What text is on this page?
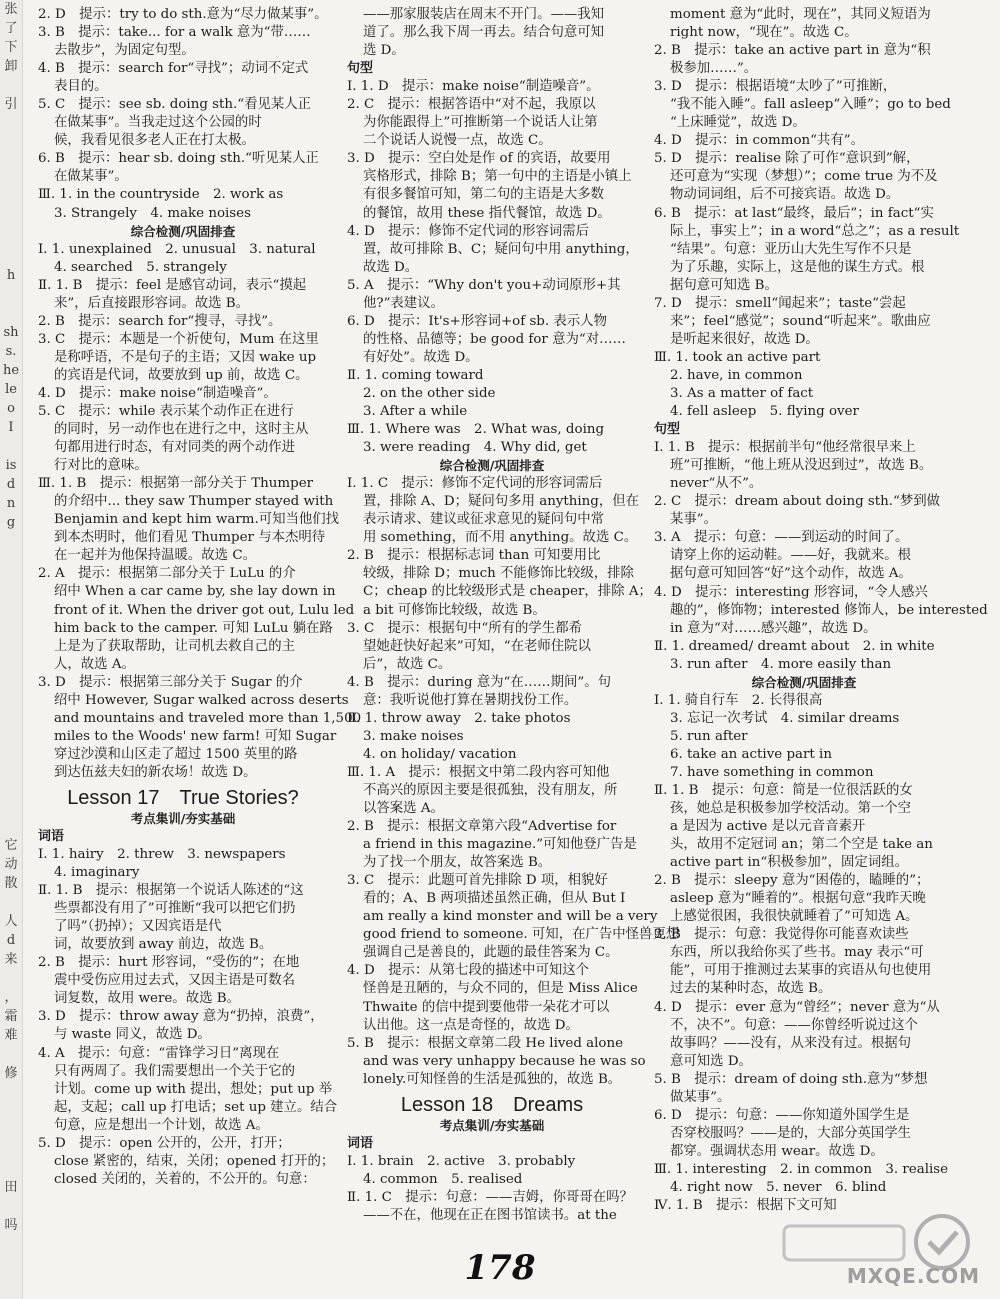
张
了
下
卸

引

h

sh
s.
he
le
o
I

is
d
n
g

它动
散

人
d
来

，
霜
难

修

田

吗
2. D　提示：try to do sth.意为“尽力做某事”。
3. B　提示：take... for a walk 意为“带……
去散步”，为固定句型。
4. B　提示：search for“寻找”；动词不定式
表目的。
5. C　提示：see sb. doing sth.“看见某人正
在做某事”。当我走过这个公园的时
候，我看见很多老人正在打太极。
6. B　提示：hear sb. doing sth.“听见某人正
在做某事”。
Ⅲ. 1. in the countryside　2. work as
3. Strangely　4. make noises
综合检测/巩固排查
Ⅰ. 1. unexplained　2. unusual　3. natural
4. searched　5. strangely
Ⅱ. 1. B　提示：feel 是感官动词，表示“摸起
来”，后直接跟形容词。故选 B。
2. B　提示：search for“搜寻，寻找”。
3. C　提示：本题是一个祈使句，Mum 在这里
是称呼语，不是句子的主语；又因 wake up
的宾语是代词，故要放到 up 前，故选 C。
4. D　提示：make noise“制造噪音”。
5. C　提示：while 表示某个动作正在进行
的同时，另一动作也在进行之中，这时主从
句都用进行时态，有对同类的两个动作进
行对比的意味。
Ⅲ. 1. B　提示：根据第一部分关于 Thumper
的介绍中... they saw Thumper stayed with
Benjamin and kept him warm.可知当他们找
到本杰明时，他们看见 Thumper 与本杰明待
在一起并为他保持温暖。故选 C。
2. A　提示：根据第二部分关于 LuLu 的介
绍中 When a car came by, she lay down in
front of it. When the driver got out, Lulu led
him back to the camper. 可知 LuLu 躺在路
上是为了获取帮助，让司机去救自己的主
人，故选 A。
3. D　提示：根据第三部分关于 Sugar 的介
绍中 However, Sugar walked across deserts
and mountains and traveled more than 1,500
miles to the Woods' new farm! 可知 Sugar
穿过沙漠和山区走了超过 1500 英里的路
到达伍兹夫妇的新农场！故选 D。
Lesson 17　True Stories?
考点集训/夯实基础
词语
Ⅰ. 1. hairy　2. threw　3. newspapers
4. imaginary
Ⅱ. 1. B　提示：根据第一个说话人陈述的“这
些票都没有用了”可推断“我可以把它们扔
了吗”（扔掉）；又因宾语是代
词，故要放到 away 前边，故选 B。
2. B　提示：hurt 形容词，“受伤的”；在地
震中受伤应用过去式，又因主语是可数名
词复数，故用 were。故选 B。
3. D　提示：throw away 意为“扔掉，浪费”，
与 waste 同义，故选 D。
4. A　提示：句意：“雷锋学习日”离现在
只有两周了。我们需要想出一个关于它的
计划。come up with 提出，想处；put up 举
起，支起；call up 打电话；set up 建立。结合
句意，应是想出一个计划，故选 A。
5. D　提示：open 公开的，公开，打开；
close 紧密的，结束，关闭；opened 打开的；
closed 关闭的，关着的，不公开的。句意：
——那家服装店在周末不开门。——我知
道了。那么我下周一再去。结合句意可知
选 D。
句型
Ⅰ. 1. D　提示：make noise“制造噪音”。
2. C　提示：根据答语中“对不起，我原以
为你能跟得上”可推断第一个说话人让第
二个说话人说慢一点，故选 C。
3. D　提示：空白处是作 of 的宾语，故要用
宾格形式，排除 B；第一句中的主语是小镇上
有很多餐馆可知，第二句的主语是大多数
的餐馆，故用 these 指代餐馆，故选 D。
4. D　提示：修饰不定代词的形容词需后
置，故可排除 B、C；疑问句中用 anything，
故选 D。
5. A　提示：“Why don't you+动词原形+其
他?”表建议。
6. D　提示：It's+形容词+of sb. 表示人物
的性格、品德等；be good for 意为“对……
有好处”。故选 D。
Ⅱ. 1. coming toward
2. on the other side
3. After a while
Ⅲ. 1. Where was　2. What was, doing
3. were reading　4. Why did, get
综合检测/巩固排查
Ⅰ. 1. C　提示：修饰不定代词的形容词需后
置，排除 A、D；疑问句多用 anything，但在
表示请求、建议或征求意见的疑问句中常
用 something，而不用 anything。故选 C。
2. B　提示：根据标志词 than 可知要用比
较级，排除 D；much 不能修饰比较级，排除
C；cheap 的比较级形式是 cheaper，排除 A；
a bit 可修饰比较级，故选 B。
3. C　提示：根据句中“所有的学生都希
望她赶快好起来”可知，“在老师住院以
后”，故选 C。
4. B　提示：during 意为“在……期间”。句
意：我听说他打算在暑期找份工作。
Ⅱ. 1. throw away　2. take photos
3. make noises
4. on holiday/ vacation
Ⅲ. 1. A　提示：根据文中第二段内容可知他
不高兴的原因主要是很孤独，没有朋友，所
以答案选 A。
2. B　提示：根据文章第六段“Advertise for
a friend in this magazine.”可知他登广告是
为了找一个朋友，故答案选 B。
3. C　提示：此题可首先排除 D 项，相貌好
看的；A、B 两项描述虽然正确，但从 But I
am really a kind monster and will be a very
good friend to someone. 可知，在广告中怪兽更想
强调自己是善良的，此题的最佳答案为 C。
4. D　提示：从第七段的描述中可知这个
怪兽是丑陋的，与众不同的，但是 Miss Alice
Thwaite 的信中提到要他带一朵花才可以
认出他。这一点是奇怪的，故选 D。
5. B　提示：根据文章第二段 He lived alone
and was very unhappy because he was so
lonely.可知怪兽的生活是孤独的，故选 B。
Lesson 18　Dreams
考点集训/夯实基础
词语
Ⅰ. 1. brain　2. active　3. probably
4. common　5. realised
Ⅱ. 1. C　提示：句意：——吉姆，你哥哥在吗？
——不在，他现在正在图书馆读书。at the
moment 意为“此时，现在”，其同义短语为
right now，“现在”。故选 C。
2. B　提示：take an active part in 意为“积
极参加……”。
3. D　提示：根据语境“太吵了”可推断，
“我不能入睡”。fall asleep“入睡”；go to bed
“上床睡觉”，故选 D。
4. D　提示：in common“共有”。
5. D　提示：realise 除了可作“意识到”解，
还可意为“实现（梦想）”；come true 为不及
物动词词组，后不可接宾语。故选 D。
6. B　提示：at last“最终，最后”；in fact“实
际上，事实上”；in a word“总之”；as a result
“结果”。句意：亚历山大先生写作不只是
为了乐趣，实际上，这是他的谋生方式。根
据句意可知选 B。
7. D　提示：smell“闻起来”；taste“尝起
来”；feel“感觉”；sound“听起来”。歌曲应
是听起来很好，故选 D。
Ⅲ. 1. took an active part
2. have, in common
3. As a matter of fact
4. fell asleep　5. flying over
句型
Ⅰ. 1. B　提示：根据前半句“他经常很早来上
班”可推断，“他上班从没迟到过”，故选 B。
never“从不”。
2. C　提示：dream about doing sth.“梦到做
某事”。
3. A　提示：句意：——到运动的时间了。
请穿上你的运动鞋。——好，我就来。根
据句意可知回答“好”这个动作，故选 A。
4. D　提示：interesting 形容词，“令人感兴
趣的”，修饰物；interested 修饰人，be interested
in 意为“对……感兴趣”，故选 D。
Ⅱ. 1. dreamed/ dreamt about　2. in white
3. run after　4. more easily than
综合检测/巩固排查
Ⅰ. 1. 骑自行车　2. 长得很高
3. 忘记一次考试　4. similar dreams
5. run after
6. take an active part in
7. have something in common
Ⅱ. 1. B　提示：句意：简是一位很活跃的女
孩，她总是积极参加学校活动。第一个空
a 是因为 active 是以元音音素开
头，故用不定冠词 an；第二个空是 take an
active part in“积极参加”，固定词组。
2. B　提示：sleepy 意为“困倦的，瞌睡的”；
asleep 意为“睡着的”。根据句意“我昨天晚
上感觉很困，我很快就睡着了”可知选 A。
3. B　提示：句意：我觉得你可能喜欢读些
东西，所以我给你买了些书。may 表示“可
能”，可用于推测过去某事的宾语从句也使用
过去的某种时态，故选 B。
4. D　提示：ever 意为“曾经”；never 意为“从
不，决不”。句意：——你曾经听说过这个
故事吗？——没有，从来没有过。根据句
意可知选 D。
5. B　提示：dream of doing sth.意为“梦想
做某事”。
6. D　提示：句意：——你知道外国学生是
否穿校服吗？——是的，大部分英国学生
都穿。强调状态用 wear。故选 D。
Ⅲ. 1. interesting　2. in common　3. realise
4. right now　5. never　6. blind
Ⅳ. 1. B　提示：根据下文可知
178	MXQE.COM
